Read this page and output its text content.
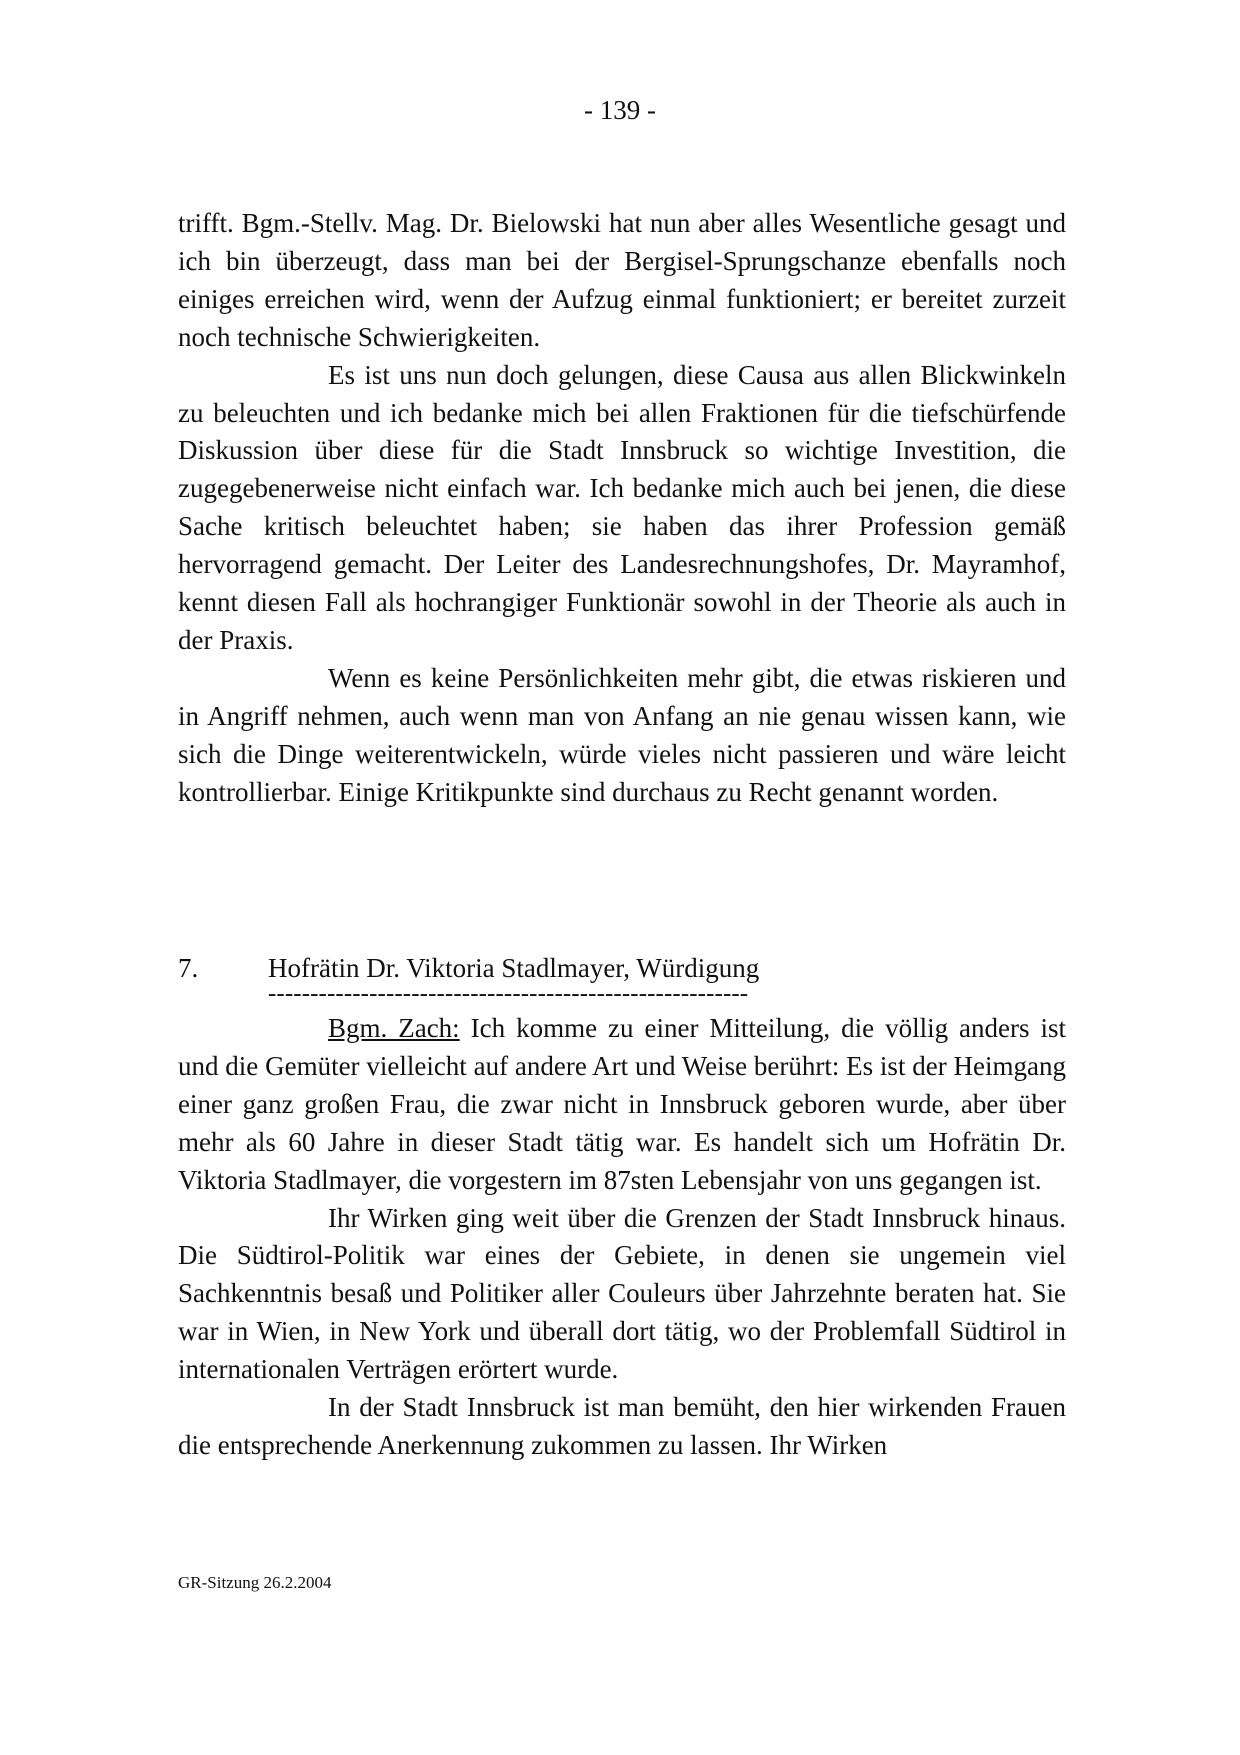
- 139 -

trifft. Bgm.-Stellv. Mag. Dr. Bielowski hat nun aber alles Wesentliche gesagt und ich bin überzeugt, dass man bei der Bergisel-Sprungschanze ebenfalls noch einiges erreichen wird, wenn der Aufzug einmal funktioniert; er bereitet zurzeit noch technische Schwierigkeiten.

Es ist uns nun doch gelungen, diese Causa aus allen Blickwinkeln zu beleuchten und ich bedanke mich bei allen Fraktionen für die tiefschürfende Diskussion über diese für die Stadt Innsbruck so wichtige Investition, die zugegebenerweise nicht einfach war. Ich bedanke mich auch bei jenen, die diese Sache kritisch beleuchtet haben; sie haben das ihrer Profession gemäß hervorragend gemacht. Der Leiter des Landesrechnungshofes, Dr. Mayramhof, kennt diesen Fall als hochrangiger Funktionär sowohl in der Theorie als auch in der Praxis.

Wenn es keine Persönlichkeiten mehr gibt, die etwas riskieren und in Angriff nehmen, auch wenn man von Anfang an nie genau wissen kann, wie sich die Dinge weiterentwickeln, würde vieles nicht passieren und wäre leicht kontrollierbar. Einige Kritikpunkte sind durchaus zu Recht genannt worden.

7.	Hofrätin Dr. Viktoria Stadlmayer, Würdigung
---------------------------------------------------------

Bgm. Zach: Ich komme zu einer Mitteilung, die völlig anders ist und die Gemüter vielleicht auf andere Art und Weise berührt: Es ist der Heimgang einer ganz großen Frau, die zwar nicht in Innsbruck geboren wurde, aber über mehr als 60 Jahre in dieser Stadt tätig war. Es handelt sich um Hofrätin Dr. Viktoria Stadlmayer, die vorgestern im 87sten Lebensjahr von uns gegangen ist.

Ihr Wirken ging weit über die Grenzen der Stadt Innsbruck hinaus. Die Südtirol-Politik war eines der Gebiete, in denen sie ungemein viel Sachkenntnis besaß und Politiker aller Couleurs über Jahrzehnte beraten hat. Sie war in Wien, in New York und überall dort tätig, wo der Problemfall Südtirol in internationalen Verträgen erörtert wurde.

In der Stadt Innsbruck ist man bemüht, den hier wirkenden Frauen die entsprechende Anerkennung zukommen zu lassen. Ihr Wirken

GR-Sitzung 26.2.2004
